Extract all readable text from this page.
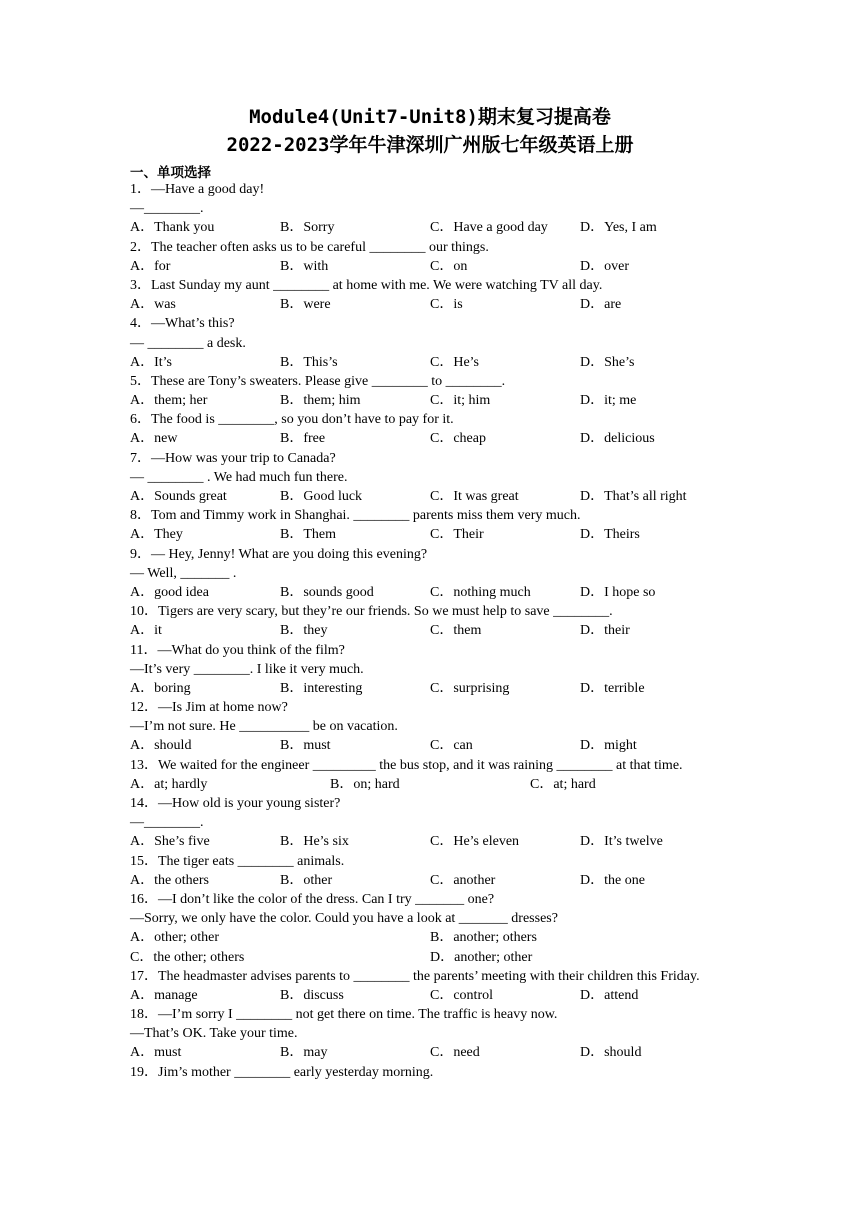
Module4(Unit7-Unit8)期末复习提高卷
2022-2023学年牛津深圳广州版七年级英语上册
一、单项选择
1．—Have a good day!
—________.
A．Thank you	B．Sorry	C．Have a good day D．Yes, I am
2．The teacher often asks us to be careful ________ our things.
A．for	B．with	C．on	D．over
3．Last Sunday my aunt ________ at home with me. We were watching TV all day.
A．was	B．were	C．is	D．are
4．—What’s this?
— ________ a desk.
A．It’s	B．This’s	C．He’s	D．She’s
5．These are Tony’s sweaters. Please give ________ to ________.
A．them; her	B．them; him	C．it; him	D．it; me
6．The food is ________, so you don’t have to pay for it.
A．new	B．free	C．cheap	D．delicious
7．—How was your trip to Canada?
— ________ . We had much fun there.
A．Sounds great	B．Good luck	C．It was great	D．That’s all right
8．Tom and Timmy work in Shanghai. ________ parents miss them very much.
A．They	B．Them	C．Their	D．Theirs
9．— Hey, Jenny! What are you doing this evening?
— Well, _______ .
A．good idea	B．sounds good	C．nothing much	D．I hope so
10．Tigers are very scary, but they’re our friends. So we must help to save ________.
A．it	B．they	C．them	D．their
11．—What do you think of the film?
—It’s very ________. I like it very much.
A．boring	B．interesting	C．surprising	D．terrible
12．—Is Jim at home now?
—I’m not sure. He __________ be on vacation.
A．should	B．must	C．can	D．might
13．We waited for the engineer _________ the bus stop, and it was raining ________ at that time.
A．at; hardly	B．on; hard	C．at; hard
14．—How old is your young sister?
—________.
A．She’s five	B．He’s six	C．He’s eleven	D．It’s twelve
15．The tiger eats ________ animals.
A．the others	B．other	C．another	D．the one
16．—I don’t like the color of the dress. Can I try _______ one?
—Sorry, we only have the color. Could you have a look at _______ dresses?
A．other; other	B．another; others
C．the other; others	D．another; other
17．The headmaster advises parents to ________ the parents’ meeting with their children this Friday.
A．manage	B．discuss	C．control	D．attend
18．—I’m sorry I ________ not get there on time. The traffic is heavy now.
—That’s OK. Take your time.
A．must	B．may	C．need	D．should
19．Jim’s mother ________ early yesterday morning.
